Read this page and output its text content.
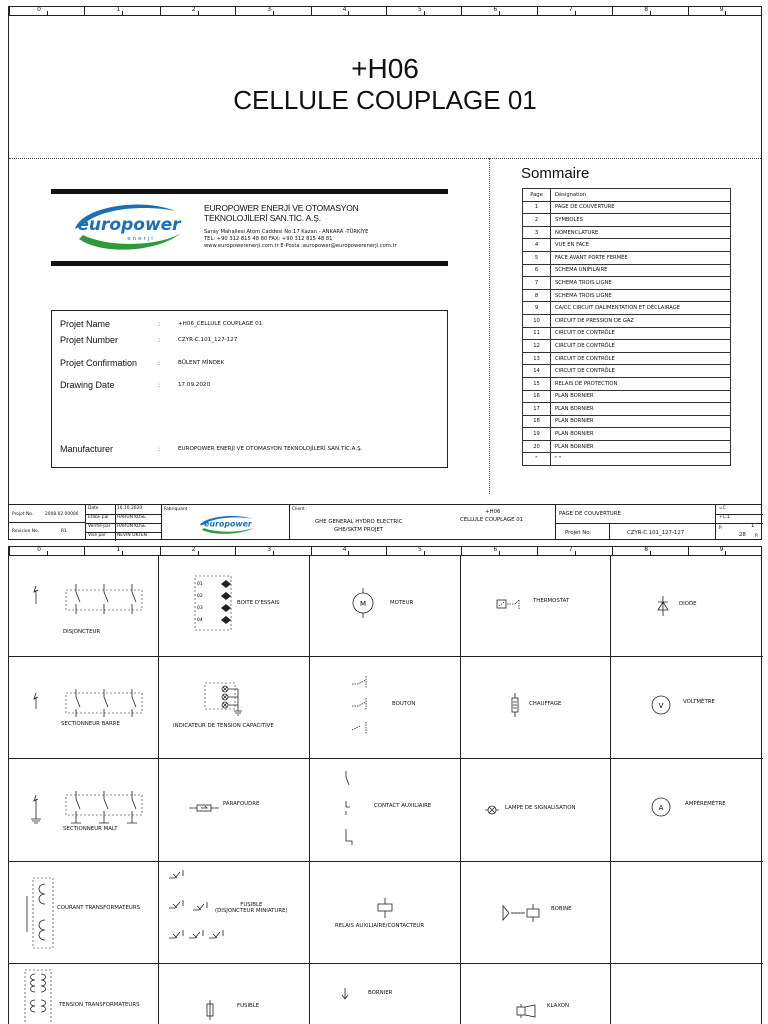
0	1	2	3	4	5	6	7	8	9
+H06
CELLULE COUPLAGE 01
europower
enerji
EUROPOWER ENERJİ VE OTOMASYON
TEKNOLOJİLERİ SAN.TİC. A.Ş.
Saray Mahallesi Atom Caddesi No:17 Kazan - ANKARA -TÜRKİYE
TEL: +90 312 815 48 80 FAX: +90 312 815 48 81
www.europowerenerji.com.tr E-Posta :europower@europowerenerji.com.tr
Projet Name	:	+H06_CELLULE COUPLAGE 01
Projet Number	:	CZYR-C.101_127-127
Projet Confirmation	:	BÜLENT MİNDEK
Drawing Date	:	17.09.2020
Manufacturer	:	EUROPOWER ENERJİ VE OTOMASYON TEKNOLOJİLERİ SAN.TİC.A.Ş.
Sommaire
Page	Désignation
1	PAGE DE COUVERTURE
2	SYMBOLES
3	NOMENCLATURE
4	VUE EN FACE
5	FACE AVANT PORTE FERMÉE
6	SCHEMA UNIFILAIRE
7	SCHEMA TROIS LIGNE
8	SCHEMA TROIS LIGNE
9	CA/CC CIRCUIT DALIMENTATION ET DÉCLAIRAGE
10	CIRCUIT DE PRESSION DE GAZ
11	CIRCUIT DE CONTRÔLE
12	CIRCUIT DE CONTRÔLE
13	CIRCUIT DE CONTRÔLE
14	CIRCUIT DE CONTRÔLE
15	RELAIS DE PROTECTION
16	PLAN BORNIER
17	PLAN BORNIER
18	PLAN BORNIER
19	PLAN BORNIER
20	PLAN BORNIER
"	" "
Projet No.	2008.02.00006
Revision No.	R1
Date	16.10.2020
Etabli par HARUN KOSE
Verifié par HARUN KOSE
Visé par	NEVIN ÖKTEN
Fabriquant :
europower
Client :
GHE GENERAL HYDRO ELECTRIC
GHE/SKTM PROJET
+H06
CELLULE COUPLAGE 01
PAGE DE COUVERTURE
Projet No:	CZYR-C.101_127-127
=C
+C.1
P.	1
28 P.
0	1	2	3	4	5	6	7	8	9
DISJONCTEUR
01
02
03
04
BOITE D'ESSAIS	M	MOTEUR	THERMOSTAT	DIODE
SECTIONNEUR BARRE	INDICATEUR DE TENSION CAPACITIVE
BOUTON	CHAUFFAGE	V	VOLTMÈTRE
SECTIONNEUR MALT
PARAFOUDRE	CONTACT AUXILIAIRE	LAMPE DE SIGNALISATION	A	AMPÈREMÈTRE
COURANT TRANSFORMATEURS	FUSIBLE
(DISJONCTEUR MINIATURE)
RELAIS AUXILIAIRE/CONTACTEUR
BOBINE
TENSION TRANSFORMATEURS	FUSIBLE
BORNIER
KLAXON
